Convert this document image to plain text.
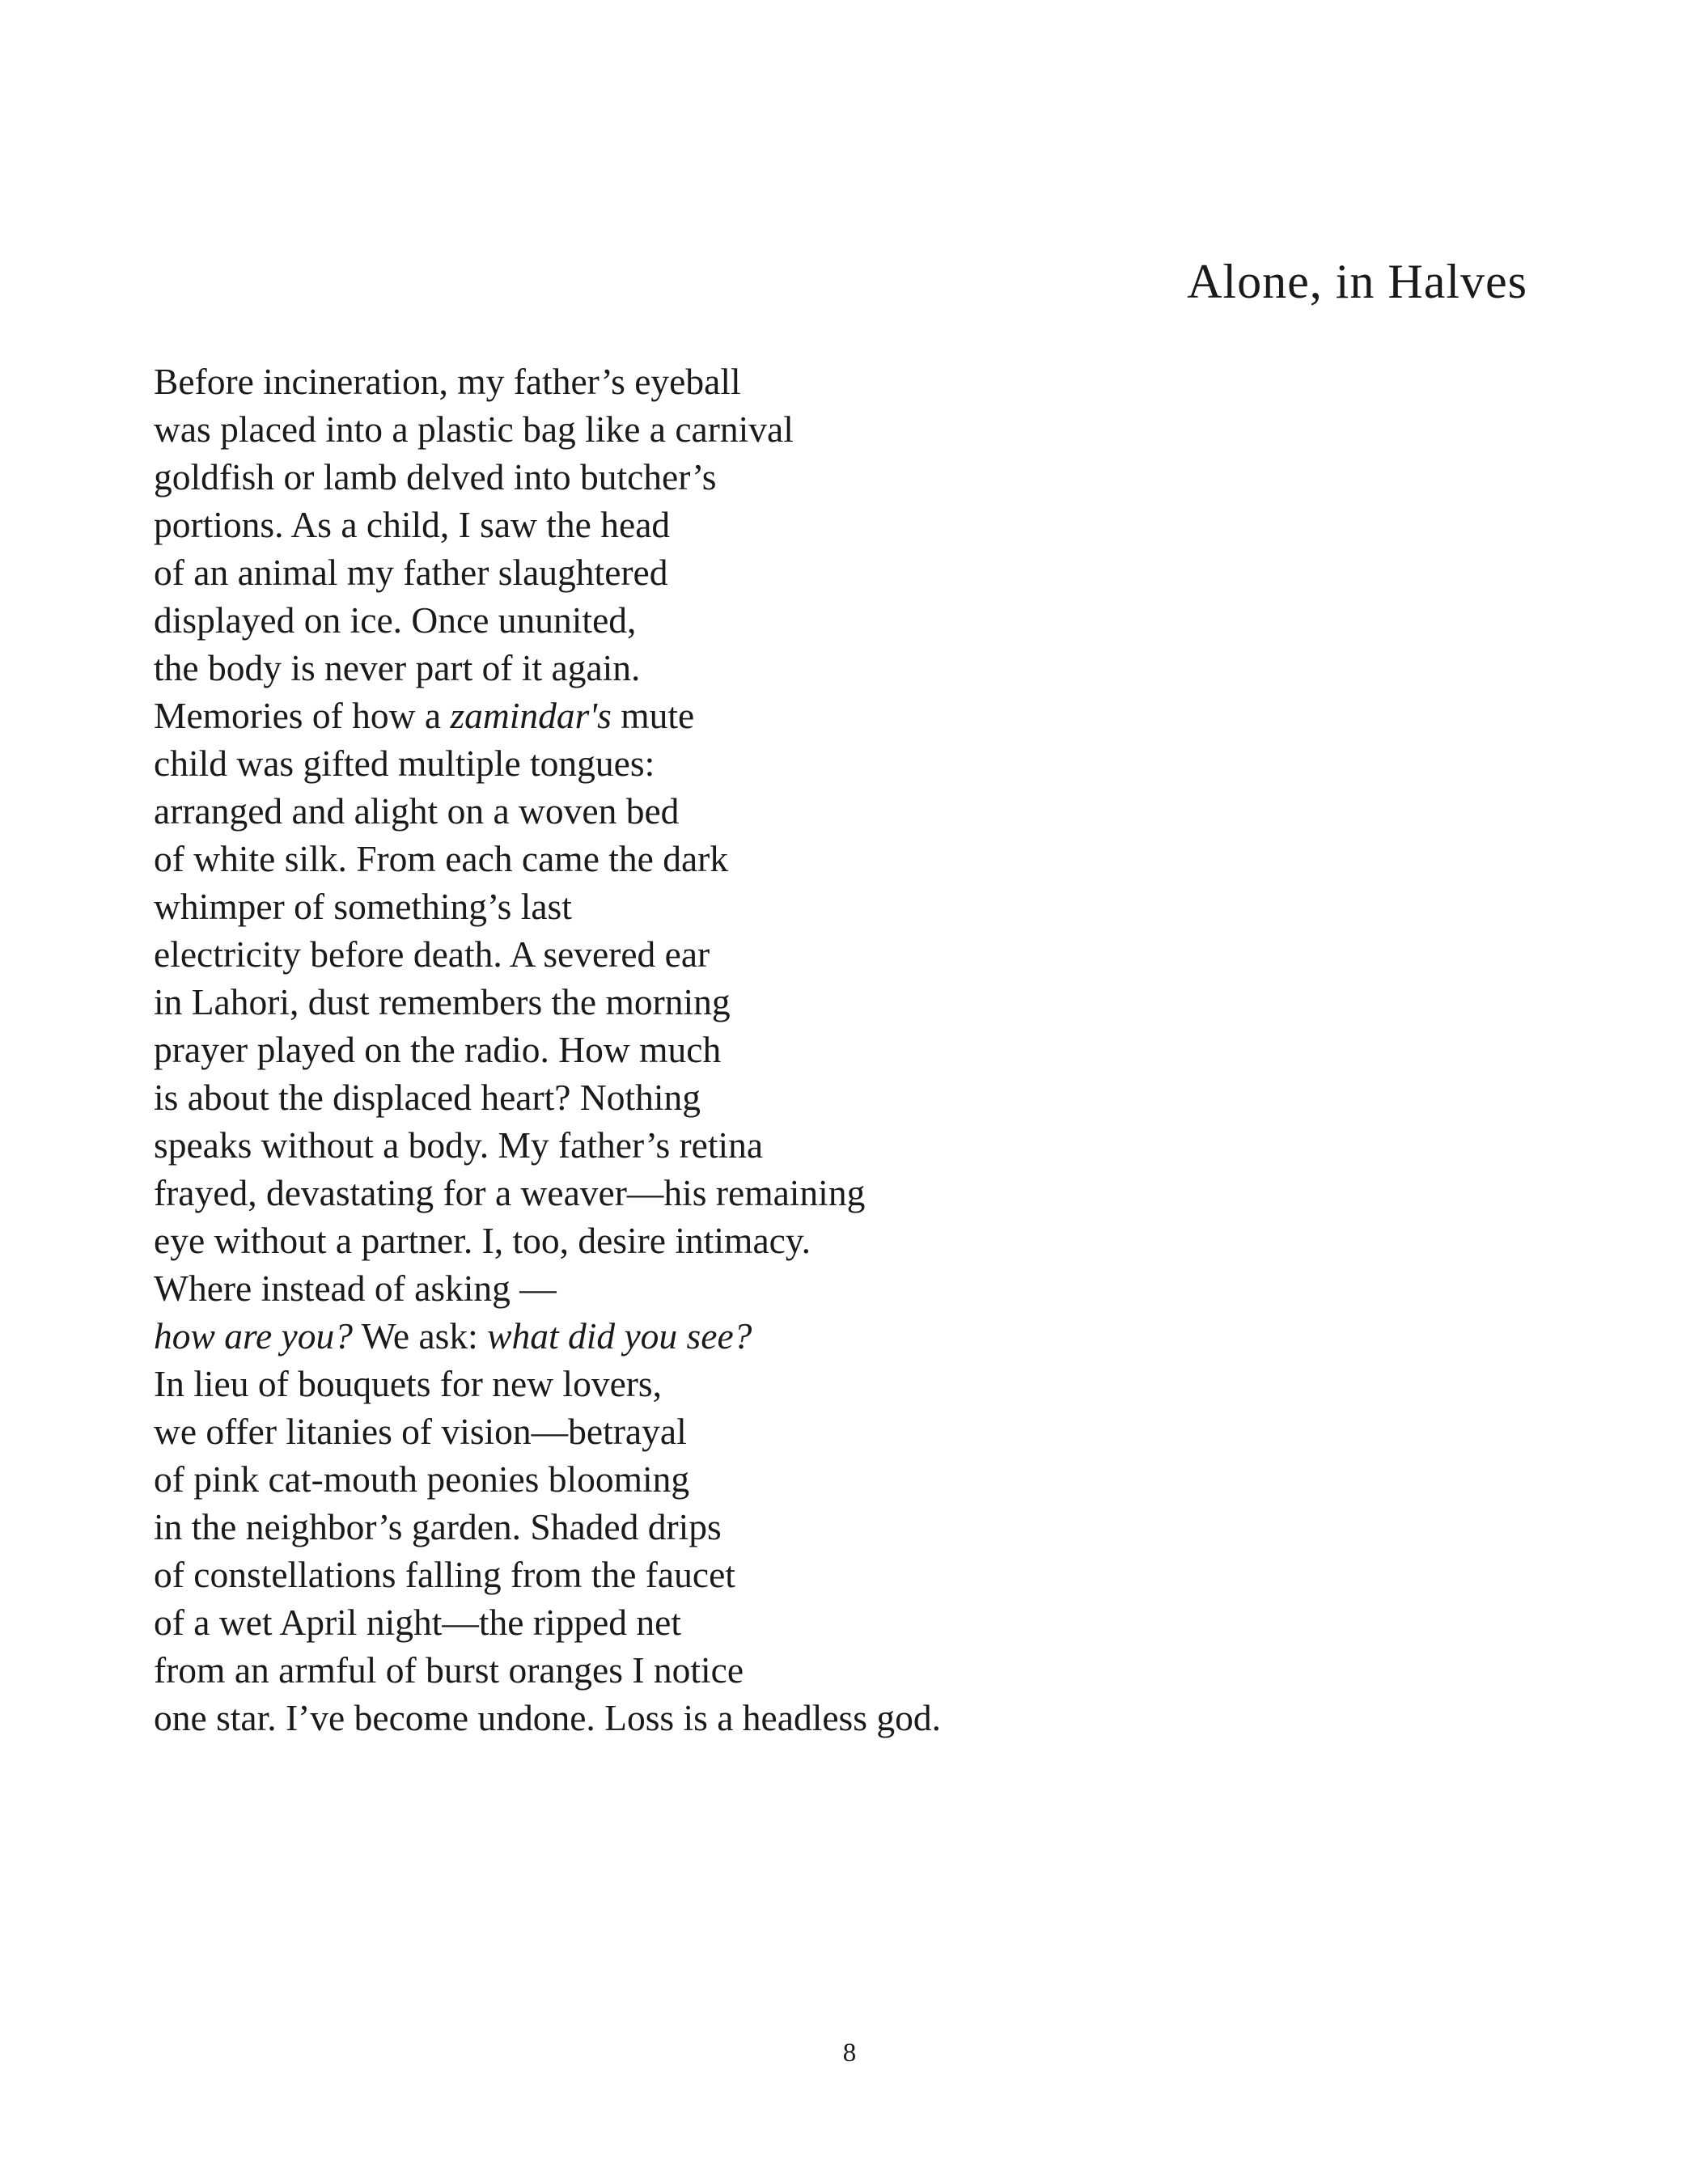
Alone, in Halves
Before incineration, my father’s eyeball
was placed into a plastic bag like a carnival
goldfish or lamb delved into butcher’s
portions. As a child, I saw the head
of an animal my father slaughtered
displayed on ice. Once ununited,
the body is never part of it again.
Memories of how a zamindar's mute
child was gifted multiple tongues:
arranged and alight on a woven bed
of white silk. From each came the dark
whimper of something’s last
electricity before death. A severed ear
in Lahori, dust remembers the morning
prayer played on the radio. How much
is about the displaced heart? Nothing
speaks without a body. My father’s retina
frayed, devastating for a weaver—his remaining
eye without a partner. I, too, desire intimacy.
Where instead of asking —
how are you? We ask: what did you see?
In lieu of bouquets for new lovers,
we offer litanies of vision—betrayal
of pink cat-mouth peonies blooming
in the neighbor’s garden. Shaded drips
of constellations falling from the faucet
of a wet April night—the ripped net
from an armful of burst oranges I notice
one star. I’ve become undone. Loss is a headless god.
8
